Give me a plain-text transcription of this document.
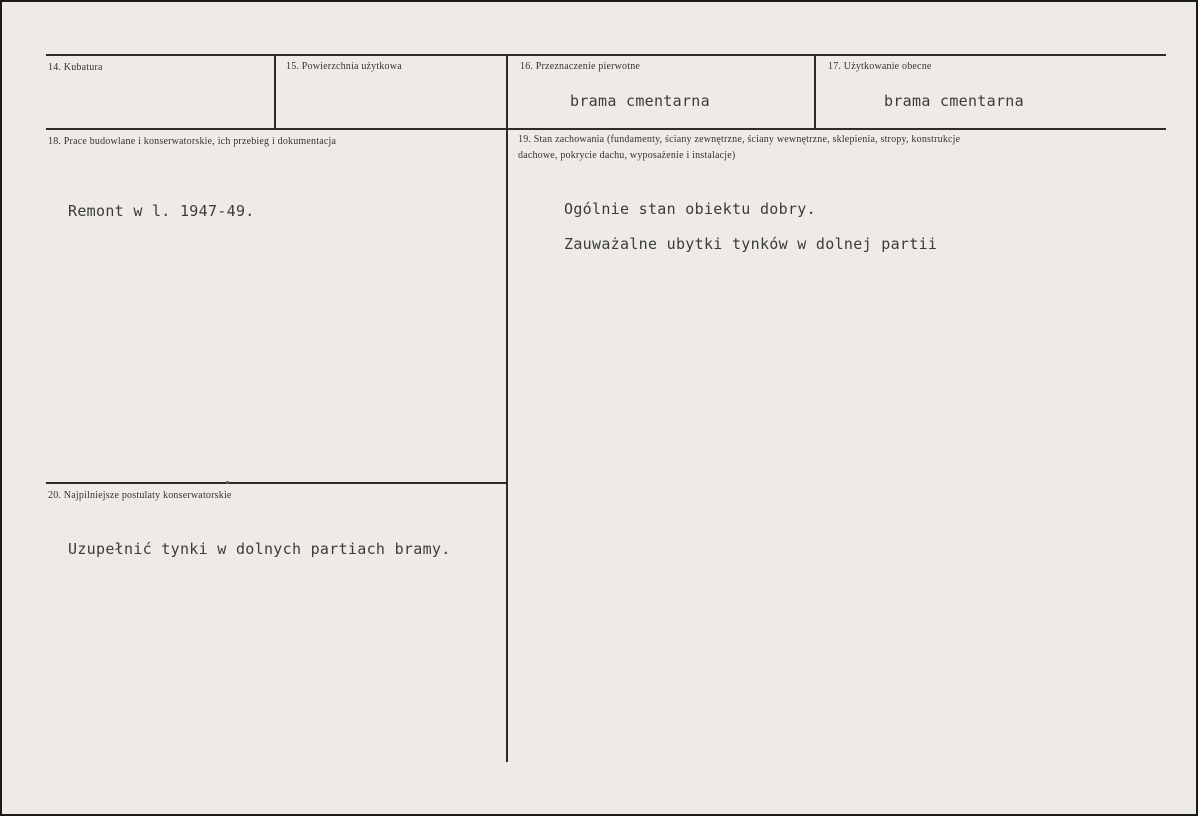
14. Kubatura	15. Powierzchnia użytkowa	16. Przeznaczenie pierwotne
brama cmentarna
17. Użytkowanie obecne
brama cmentarna
18. Prace budowlane i konserwatorskie, ich przebieg i dokumentacja
Remont w l. 1947-49.
19. Stan zachowania (fundamenty, ściany zewnętrzne, ściany wewnętrzne, sklepienia, stropy, konstrukcje dachowe, pokrycie dachu, wyposażenie i instalacje)
Ogólnie stan obiektu dobry.
Zauważalne ubytki tynków w dolnej partii
20. Najpilniejsze postulaty konserwatorskie
Uzupełnić tynki w dolnych partiach bramy.
